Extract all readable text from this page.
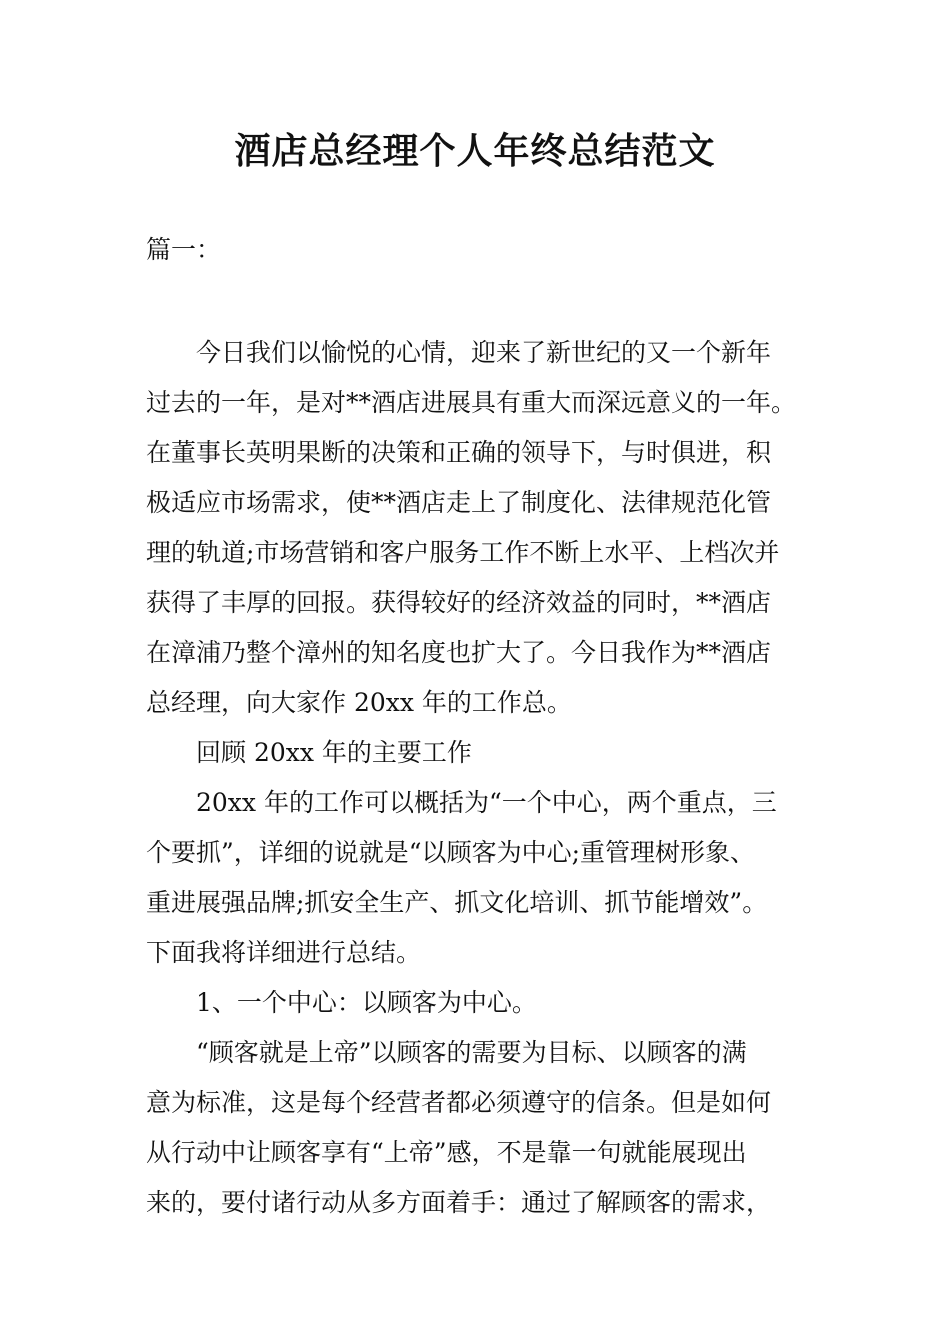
酒店总经理个人年终总结范文

篇一：

今日我们以愉悦的心情，迎来了新世纪的又一个新年

过去的一年，是对**酒店进展具有重大而深远意义的一年。

在董事长英明果断的决策和正确的领导下，与时俱进，积

极适应市场需求，使**酒店走上了制度化、法律规范化管

理的轨道;市场营销和客户服务工作不断上水平、上档次并

获得了丰厚的回报。获得较好的经济效益的同时，**酒店

在漳浦乃整个漳州的知名度也扩大了。今日我作为**酒店

总经理，向大家作 20xx 年的工作总。

回顾 20xx 年的主要工作

20xx 年的工作可以概括为“一个中心，两个重点，三

个要抓”，详细的说就是“以顾客为中心;重管理树形象、

重进展强品牌;抓安全生产、抓文化培训、抓节能增效”。

下面我将详细进行总结。

1、一个中心：以顾客为中心。

“顾客就是上帝”以顾客的需要为目标、以顾客的满

意为标准，这是每个经营者都必须遵守的信条。但是如何

从行动中让顾客享有“上帝”感，不是靠一句就能展现出

来的，要付诸行动从多方面着手：通过了解顾客的需求，
